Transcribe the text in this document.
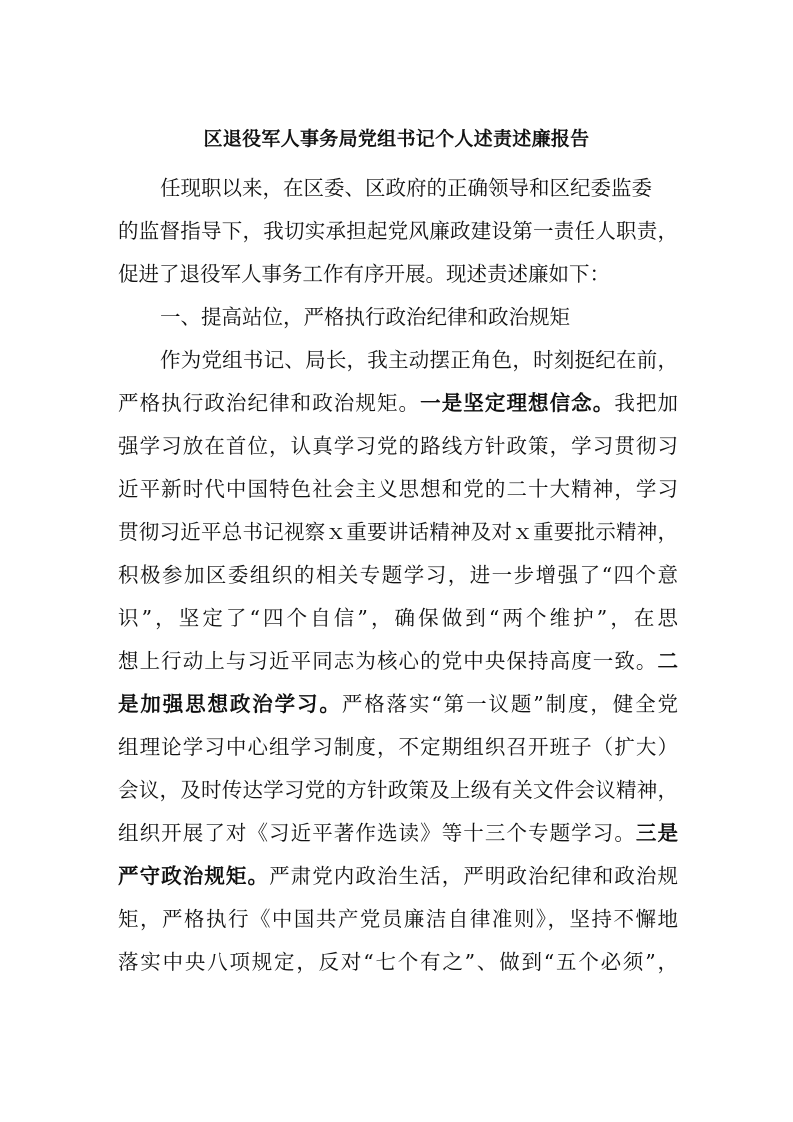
区退役军人事务局党组书记个人述责述廉报告
任现职以来，在区委、区政府的正确领导和区纪委监委
的监督指导下，我切实承担起党风廉政建设第一责任人职责，
促进了退役军人事务工作有序开展。现述责述廉如下：
一、提高站位，严格执行政治纪律和政治规矩
作为党组书记、局长，我主动摆正角色，时刻挺纪在前，
严格执行政治纪律和政治规矩。一是坚定理想信念。我把加
强学习放在首位，认真学习党的路线方针政策，学习贯彻习
近平新时代中国特色社会主义思想和党的二十大精神，学习
贯彻习近平总书记视察ｘ重要讲话精神及对ｘ重要批示精神，
积极参加区委组织的相关专题学习，进一步增强了“四个意
识”，坚定了“四个自信”，确保做到“两个维护”，在思
想上行动上与习近平同志为核心的党中央保持高度一致。二
是加强思想政治学习。严格落实“第一议题”制度，健全党
组理论学习中心组学习制度，不定期组织召开班子（扩大）
会议，及时传达学习党的方针政策及上级有关文件会议精神，
组织开展了对《习近平著作选读》等十三个专题学习。三是
严守政治规矩。严肃党内政治生活，严明政治纪律和政治规
矩，严格执行《中国共产党员廉洁自律准则》，坚持不懈地
落实中央八项规定，反对“七个有之”、做到“五个必须”，
